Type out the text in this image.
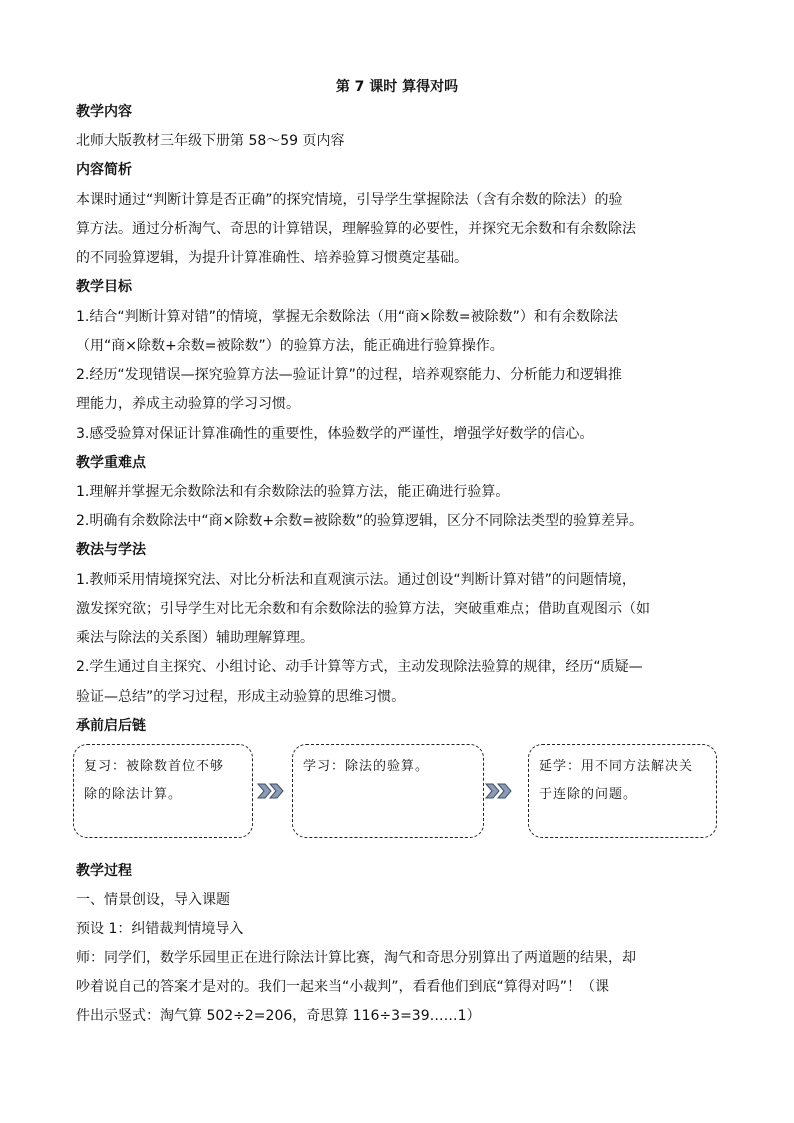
第 7 课时 算得对吗
教学内容
北师大版教材三年级下册第 58～59 页内容
内容简析
本课时通过“判断计算是否正确”的探究情境，引导学生掌握除法（含有余数的除法）的验
算方法。通过分析淘气、奇思的计算错误，理解验算的必要性，并探究无余数和有余数除法
的不同验算逻辑，为提升计算准确性、培养验算习惯奠定基础。
教学目标
1.结合“判断计算对错”的情境，掌握无余数除法（用“商×除数=被除数”）和有余数除法
（用“商×除数+余数=被除数”）的验算方法，能正确进行验算操作。
2.经历“发现错误—探究验算方法—验证计算”的过程，培养观察能力、分析能力和逻辑推
理能力，养成主动验算的学习习惯。
3.感受验算对保证计算准确性的重要性，体验数学的严谨性，增强学好数学的信心。
教学重难点
1.理解并掌握无余数除法和有余数除法的验算方法，能正确进行验算。
2.明确有余数除法中“商×除数+余数=被除数”的验算逻辑，区分不同除法类型的验算差异。
教法与学法
1.教师采用情境探究法、对比分析法和直观演示法。通过创设“判断计算对错”的问题情境，
激发探究欲；引导学生对比无余数和有余数除法的验算方法，突破重难点；借助直观图示（如
乘法与除法的关系图）辅助理解算理。
2.学生通过自主探究、小组讨论、动手计算等方式，主动发现除法验算的规律，经历“质疑—
验证—总结”的学习过程，形成主动验算的思维习惯。
承前启后链
复习：被除数首位不够
除的除法计算。
学习：除法的验算。	延学：用不同方法解决关
于连除的问题。
教学过程
一、情景创设，导入课题
预设 1：纠错裁判情境导入
师：同学们，数学乐园里正在进行除法计算比赛，淘气和奇思分别算出了两道题的结果，却
吵着说自己的答案才是对的。我们一起来当“小裁判”，看看他们到底“算得对吗”！（课
件出示竖式：淘气算 502÷2=206，奇思算 116÷3=39……1）
